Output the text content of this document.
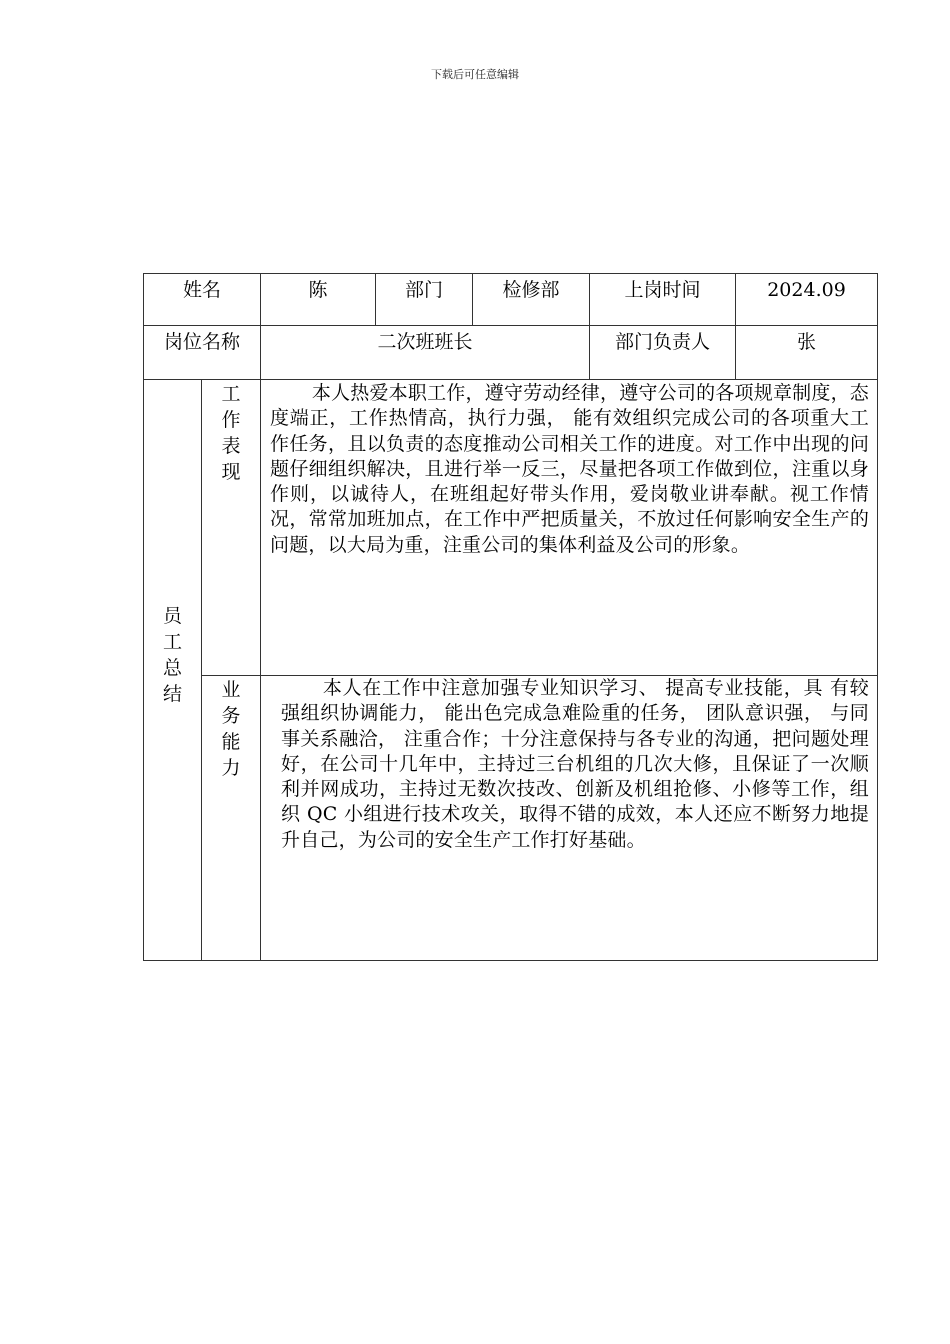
下载后可任意编辑
姓名		陈	部门	检修部	上岗时间	2024.09
岗位名称		二次班班长			部门负责人	张

员工总结	工作表现	本人热爱本职工作，遵守劳动经律，遵守公司的各项规章制度，态度端正，工作热情高，执行力强， 能有效组织完成公司的各项重大工作任务，且以负责的态度推动公司相关工作的进度。对工作中出现的问题仔细组织解决，且进行举一反三，尽量把各项工作做到位，注重以身作则，以诚待人，在班组起好带头作用，爱岗敬业讲奉献。视工作情况，常常加班加点，在工作中严把质量关，不放过任何影响安全生产的问题，以大局为重，注重公司的集体利益及公司的形象。				

	业务能力	本人在工作中注意加强专业知识学习、 提高专业技能，具 有较强组织协调能力， 能出色完成急难险重的任务， 团队意识强， 与同事关系融洽， 注重合作；十分注意保持与各专业的沟通，把问题处理好，在公司十几年中，主持过三台机组的几次大修，且保证了一次顺利并网成功，主持过无数次技改、创新及机组抢修、小修等工作，组织 QC 小组进行技术攻关，取得不错的成效，本人还应不断努力地提升自己，为公司的安全生产工作打好基础。				
